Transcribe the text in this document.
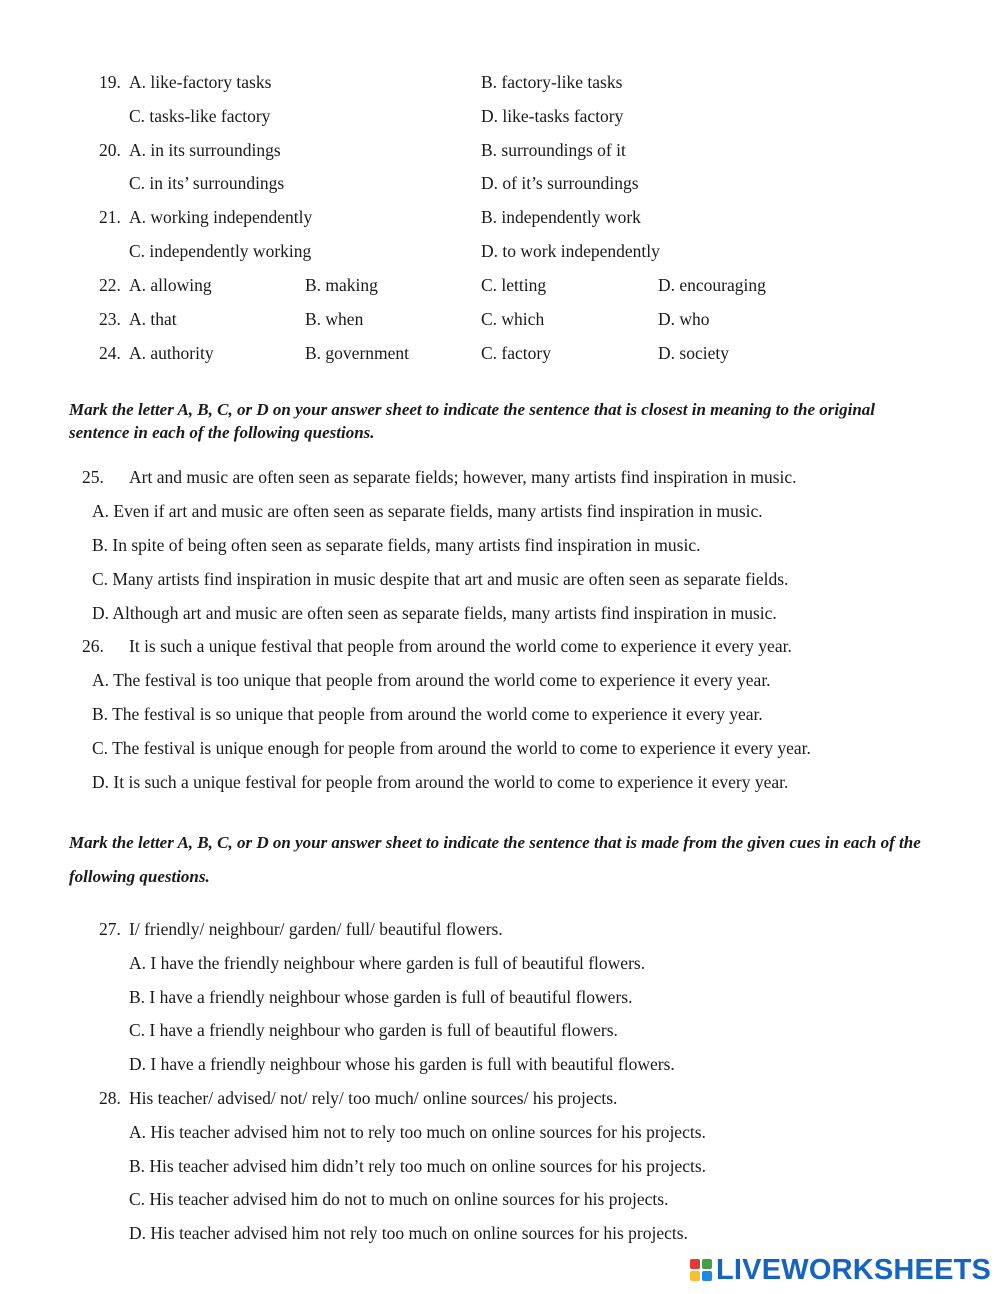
19. A. like-factory tasks	B. factory-like tasks
C. tasks-like factory	D. like-tasks factory
20. A. in its surroundings	B. surroundings of it
C. in its’ surroundings	D. of it’s surroundings
21. A. working independently	B. independently work
C. independently working	D. to work independently
22. A. allowing	B. making	C. letting	D. encouraging
23. A. that	B. when	C. which	D. who
24. A. authority	B. government	C. factory	D. society
Mark the letter A, B, C, or D on your answer sheet to indicate the sentence that is closest in meaning to the original sentence in each of the following questions.
25. Art and music are often seen as separate fields; however, many artists find inspiration in music.
A. Even if art and music are often seen as separate fields, many artists find inspiration in music.
B. In spite of being often seen as separate fields, many artists find inspiration in music.
C. Many artists find inspiration in music despite that art and music are often seen as separate fields.
D. Although art and music are often seen as separate fields, many artists find inspiration in music.
26. It is such a unique festival that people from around the world come to experience it every year.
A. The festival is too unique that people from around the world come to experience it every year.
B. The festival is so unique that people from around the world come to experience it every year.
C. The festival is unique enough for people from around the world to come to experience it every year.
D. It is such a unique festival for people from around the world to come to experience it every year.
Mark the letter A, B, C, or D on your answer sheet to indicate the sentence that is made from the given cues in each of the following questions.
27. I/ friendly/ neighbour/ garden/ full/ beautiful flowers.
A. I have the friendly neighbour where garden is full of beautiful flowers.
B. I have a friendly neighbour whose garden is full of beautiful flowers.
C. I have a friendly neighbour who garden is full of beautiful flowers.
D. I have a friendly neighbour whose his garden is full with beautiful flowers.
28. His teacher/ advised/ not/ rely/ too much/ online sources/ his projects.
A. His teacher advised him not to rely too much on online sources for his projects.
B. His teacher advised him didn’t rely too much on online sources for his projects.
C. His teacher advised him do not to much on online sources for his projects.
D. His teacher advised him not rely too much on online sources for his projects.
LIVEWORKSHEETS
